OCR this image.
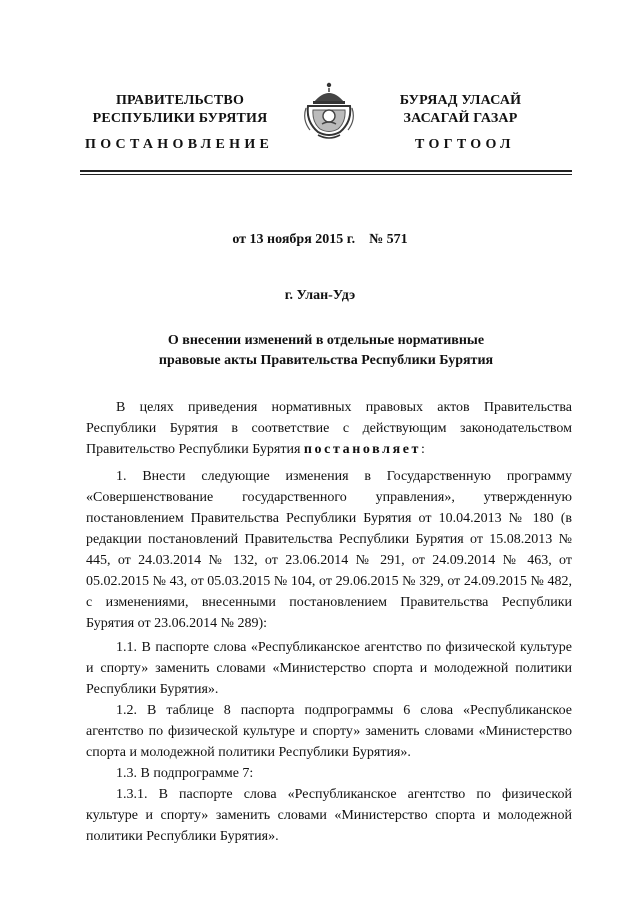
ПРАВИТЕЛЬСТВО
РЕСПУБЛИКИ БУРЯТИЯ
БУРЯАД УЛАСАЙ
ЗАСАГАЙ ГАЗАР
ПОСТАНОВЛЕНИЕ	ТОГТООЛ
от 13 ноября 2015 г.    № 571
г. Улан-Удэ
О внесении изменений в отдельные нормативные
правовые акты Правительства Республики Бурятия

В целях приведения нормативных правовых актов Правительства Республики Бурятия в соответствие с действующим законодательством Правительство Республики Бурятия постановляет:

1. Внести следующие изменения в Государственную программу «Совершенствование государственного управления», утвержденную постановлением Правительства Республики Бурятия от 10.04.2013 № 180 (в редакции постановлений Правительства Республики Бурятия от 15.08.2013 № 445, от 24.03.2014 № 132, от 23.06.2014 № 291, от 24.09.2014 № 463, от 05.02.2015 № 43, от 05.03.2015 № 104, от 29.06.2015 № 329, от 24.09.2015 № 482, с изменениями, внесенными постановлением Правительства Республики Бурятия от 23.06.2014 № 289):

1.1. В паспорте слова «Республиканское агентство по физической культуре и спорту» заменить словами «Министерство спорта и молодежной политики Республики Бурятия».

1.2. В таблице 8 паспорта подпрограммы 6 слова «Республиканское агентство по физической культуре и спорту» заменить словами «Министерство спорта и молодежной политики Республики Бурятия».

1.3. В подпрограмме 7:

1.3.1. В паспорте слова «Республиканское агентство по физической культуре и спорту» заменить словами «Министерство спорта и молодежной политики Республики Бурятия».
